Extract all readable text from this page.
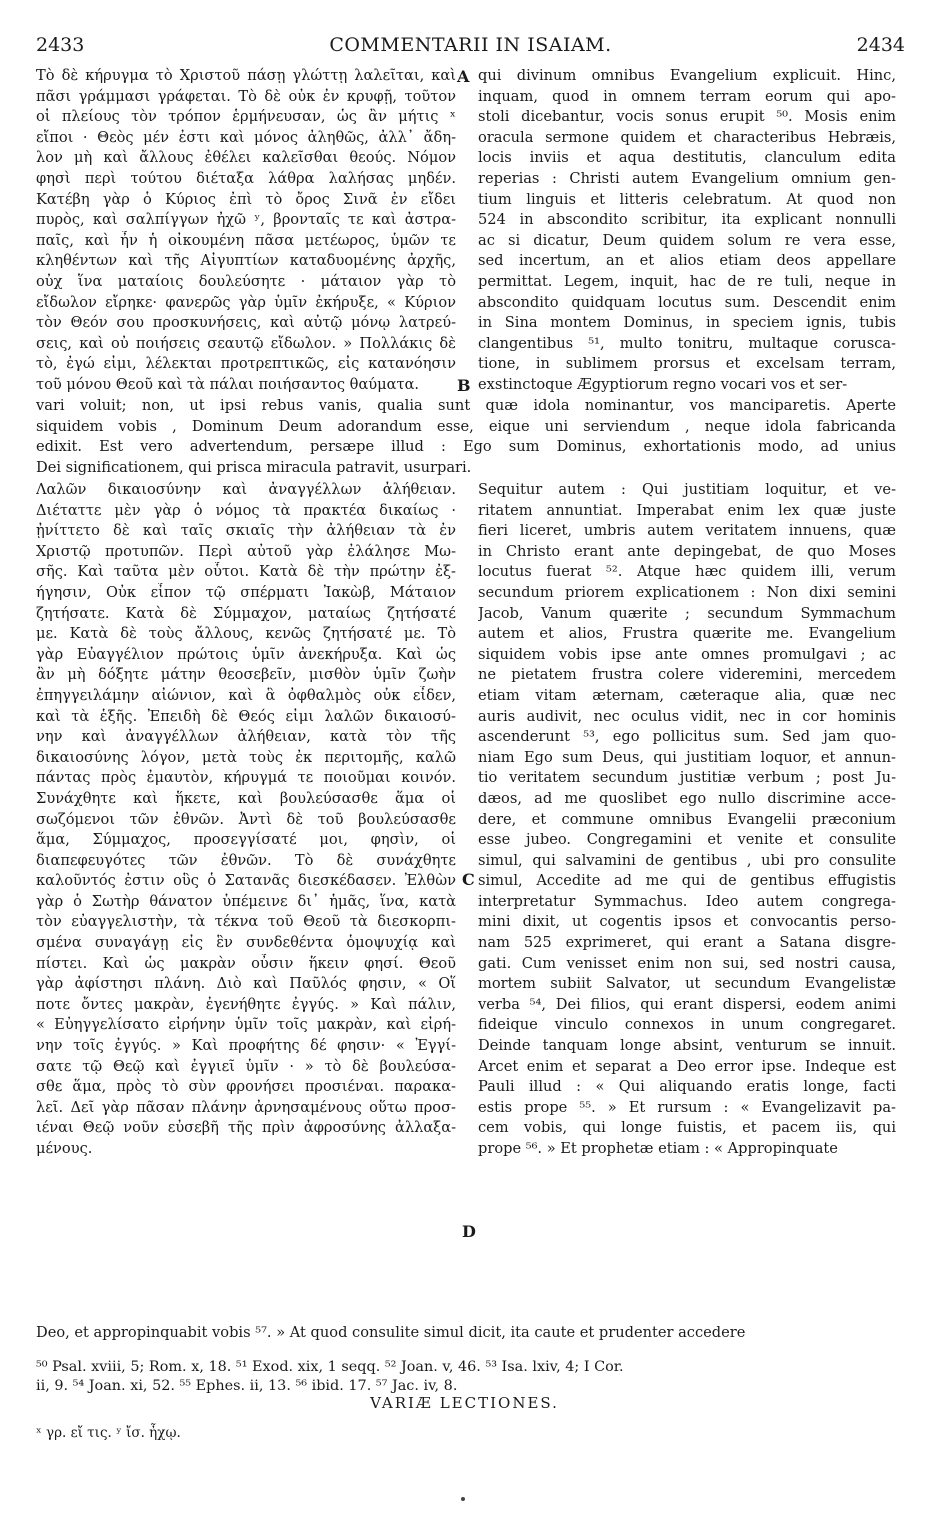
2433	COMMENTARII IN ISAIAM.	2434
Τὸ δὲ κήρυγμα τὸ Χριστοῦ πάσῃ γλώττῃ λαλεῖται, καὶ
πᾶσι γράμμασι γράφεται. Τὸ δὲ οὐκ ἐν κρυφῇ, τοῦτον
οἱ πλείους τὸν τρόπον ἑρμήνευσαν, ὡς ἂν μήτις ˣ
εἴποι · Θεὸς μέν ἐστι καὶ μόνος ἀληθῶς, ἀλλ᾽ ἄδη-
λον μὴ καὶ ἄλλους ἐθέλει καλεῖσθαι θεούς. Νόμον
φησὶ περὶ τούτου διέταξα λάθρα λαλήσας μηδέν.
Κατέβη γὰρ ὁ Κύριος ἐπὶ τὸ ὄρος Σινᾶ ἐν εἴδει
πυρὸς, καὶ σαλπίγγων ἠχῶ ʸ, βρονταῖς τε καὶ ἀστρα-
παῖς, καὶ ἦν ἡ οἰκουμένη πᾶσα μετέωρος, ὑμῶν τε
κληθέντων καὶ τῆς Αἰγυπτίων καταδυομένης ἀρχῆς,
οὐχ ἵνα ματαίοις δουλεύσητε · μάταιον γὰρ τὸ
εἴδωλον εἴρηκε· φανερῶς γὰρ ὑμῖν ἐκήρυξε, « Κύριον
τὸν Θεόν σου προσκυνήσεις, καὶ αὐτῷ μόνῳ λατρεύ-
σεις, καὶ οὐ ποιήσεις σεαυτῷ εἴδωλον. » Πολλάκις δὲ
τὸ, ἐγώ εἰμι, λέλεκται προτρεπτικῶς, εἰς κατανόησιν
τοῦ μόνου Θεοῦ καὶ τὰ πάλαι ποιήσαντος θαύματα.
qui divinum omnibus Evangelium explicuit. Hinc,
inquam, quod in omnem terram eorum qui apo-
stoli dicebantur, vocis sonus erupit ⁵⁰. Mosis enim
oracula sermone quidem et characteribus Hebræis,
locis inviis et aqua destitutis, clanculum edita
reperias : Christi autem Evangelium omnium gen-
tium linguis et litteris celebratum. At quod non
524 in abscondito scribitur, ita explicant nonnulli
ac si dicatur, Deum quidem solum re vera esse,
sed incertum, an et alios etiam deos appellare
permittat. Legem, inquit, hac de re tuli, neque in
abscondito quidquam locutus sum. Descendit enim
in Sina montem Dominus, in speciem ignis, tubis
clangentibus ⁵¹, multo tonitru, multaque corusca-
tione, in sublimem prorsus et excelsam terram,
exstinctoque Ægyptiorum regno vocari vos et ser-
A
B
C
D
vari voluit; non, ut ipsi rebus vanis, qualia sunt quæ idola nominantur, vos manciparetis. Aperte
siquidem vobis , Dominum Deum adorandum esse, eique uni serviendum , neque idola fabricanda
edixit. Est vero advertendum, persæpe illud : Ego sum Dominus, exhortationis modo, ad unius
Dei significationem, qui prisca miracula patravit, usurpari.
Λαλῶν δικαιοσύνην καὶ ἀναγγέλλων ἀλήθειαν.
Διέταττε μὲν γὰρ ὁ νόμος τὰ πρακτέα δικαίως ·
ᾐνίττετο δὲ καὶ ταῖς σκιαῖς τὴν ἀλήθειαν τὰ ἐν
Χριστῷ προτυπῶν. Περὶ αὐτοῦ γὰρ ἐλάλησε Μω-
σῆς. Καὶ ταῦτα μὲν οὗτοι. Κατὰ δὲ τὴν πρώτην ἐξ-
ήγησιν, Οὐκ εἶπον τῷ σπέρματι Ἰακὼβ, Μάταιον
ζητήσατε. Κατὰ δὲ Σύμμαχον, ματαίως ζητήσατέ
με. Κατὰ δὲ τοὺς ἄλλους, κενῶς ζητήσατέ με. Τὸ
γὰρ Εὐαγγέλιον πρώτοις ὑμῖν ἀνεκήρυξα. Καὶ ὡς
ἂν μὴ δόξητε μάτην θεοσεβεῖν, μισθὸν ὑμῖν ζωὴν
ἐπηγγειλάμην αἰώνιον, καὶ ἃ ὀφθαλμὸς οὐκ εἶδεν,
καὶ τὰ ἑξῆς. Ἐπειδὴ δὲ Θεός εἰμι λαλῶν δικαιοσύ-
νην καὶ ἀναγγέλλων ἀλήθειαν, κατὰ τὸν τῆς
δικαιοσύνης λόγον, μετὰ τοὺς ἐκ περιτομῆς, καλῶ
πάντας πρὸς ἐμαυτὸν, κήρυγμά τε ποιοῦμαι κοινόν.
Συνάχθητε καὶ ἥκετε, καὶ βουλεύσασθε ἅμα οἱ
σωζόμενοι τῶν ἐθνῶν. Ἀντὶ δὲ τοῦ βουλεύσασθε
ἅμα, Σύμμαχος, προσεγγίσατέ μοι, φησὶν, οἱ
διαπεφευγότες τῶν ἐθνῶν. Τὸ δὲ συνάχθητε
καλοῦντός ἐστιν οὓς ὁ Σατανᾶς διεσκέδασεν. Ἐλθὼν
γὰρ ὁ Σωτὴρ θάνατον ὑπέμεινε δι᾽ ἡμᾶς, ἵνα, κατὰ
τὸν εὐαγγελιστὴν, τὰ τέκνα τοῦ Θεοῦ τὰ διεσκορπι-
σμένα συναγάγῃ εἰς ἓν συνδεθέντα ὁμοψυχίᾳ καὶ
πίστει. Καὶ ὡς μακρὰν οὖσιν ἥκειν φησί. Θεοῦ
γὰρ ἀφίστησι πλάνη. Διὸ καὶ Παῦλός φησιν, « Οἵ
ποτε ὄντες μακρὰν, ἐγενήθητε ἐγγύς. » Καὶ πάλιν,
« Εὐηγγελίσατο εἰρήνην ὑμῖν τοῖς μακρὰν, καὶ εἰρή-
νην τοῖς ἐγγύς. » Καὶ προφήτης δέ φησιν· « Ἐγγί-
σατε τῷ Θεῷ καὶ ἐγγιεῖ ὑμῖν · » τὸ δὲ βουλεύσα-
σθε ἅμα, πρὸς τὸ σὺν φρονήσει προσιέναι. παρακα-
λεῖ. Δεῖ γὰρ πᾶσαν πλάνην ἀρνησαμένους οὕτω προσ-
ιέναι Θεῷ νοῦν εὐσεβῆ τῆς πρὶν ἀφροσύνης ἀλλαξα-
μένους.
Sequitur autem : Qui justitiam loquitur, et ve-
ritatem annuntiat. Imperabat enim lex quæ juste
fieri liceret, umbris autem veritatem innuens, quæ
in Christo erant ante depingebat, de quo Moses
locutus fuerat ⁵². Atque hæc quidem illi, verum
secundum priorem explicationem : Non dixi semini
Jacob, Vanum quærite ; secundum Symmachum
autem et alios, Frustra quærite me. Evangelium
siquidem vobis ipse ante omnes promulgavi ; ac
ne pietatem frustra colere videremini, mercedem
etiam vitam æternam, cæteraque alia, quæ nec
auris audivit, nec oculus vidit, nec in cor hominis
ascenderunt ⁵³, ego pollicitus sum. Sed jam quo-
niam Ego sum Deus, qui justitiam loquor, et annun-
tio veritatem secundum justitiæ verbum ; post Ju-
dæos, ad me quoslibet ego nullo discrimine acce-
dere, et commune omnibus Evangelii præconium
esse jubeo. Congregamini et venite et consulite
simul, qui salvamini de gentibus , ubi pro consulite
simul, Accedite ad me qui de gentibus effugistis
interpretatur Symmachus. Ideo autem congrega-
mini dixit, ut cogentis ipsos et convocantis perso-
nam 525 exprimeret, qui erant a Satana disgre-
gati. Cum venisset enim non sui, sed nostri causa,
mortem subiit Salvator, ut secundum Evangelistæ
verba ⁵⁴, Dei filios, qui erant dispersi, eodem animi
fideique vinculo connexos in unum congregaret.
Deinde tanquam longe absint, venturum se innuit.
Arcet enim et separat a Deo error ipse. Indeque est
Pauli illud : « Qui aliquando eratis longe, facti
estis prope ⁵⁵. » Et rursum : « Evangelizavit pa-
cem vobis, qui longe fuistis, et pacem iis, qui
prope ⁵⁶. » Et prophetæ etiam : « Appropinquate
Deo, et appropinquabit vobis ⁵⁷. » At quod consulite simul dicit, ita caute et prudenter accedere
⁵⁰ Psal. xviii, 5; Rom. x, 18. ⁵¹ Exod. xix, 1 seqq. ⁵² Joan. v, 46. ⁵³ Isa. lxiv, 4; I Cor.
ii, 9. ⁵⁴ Joan. xi, 52. ⁵⁵ Ephes. ii, 13. ⁵⁶ ibid. 17. ⁵⁷ Jac. iv, 8.
VARIÆ LECTIONES.
ˣ γρ. εἴ τις. ʸ ἴσ. ἦχῳ.
